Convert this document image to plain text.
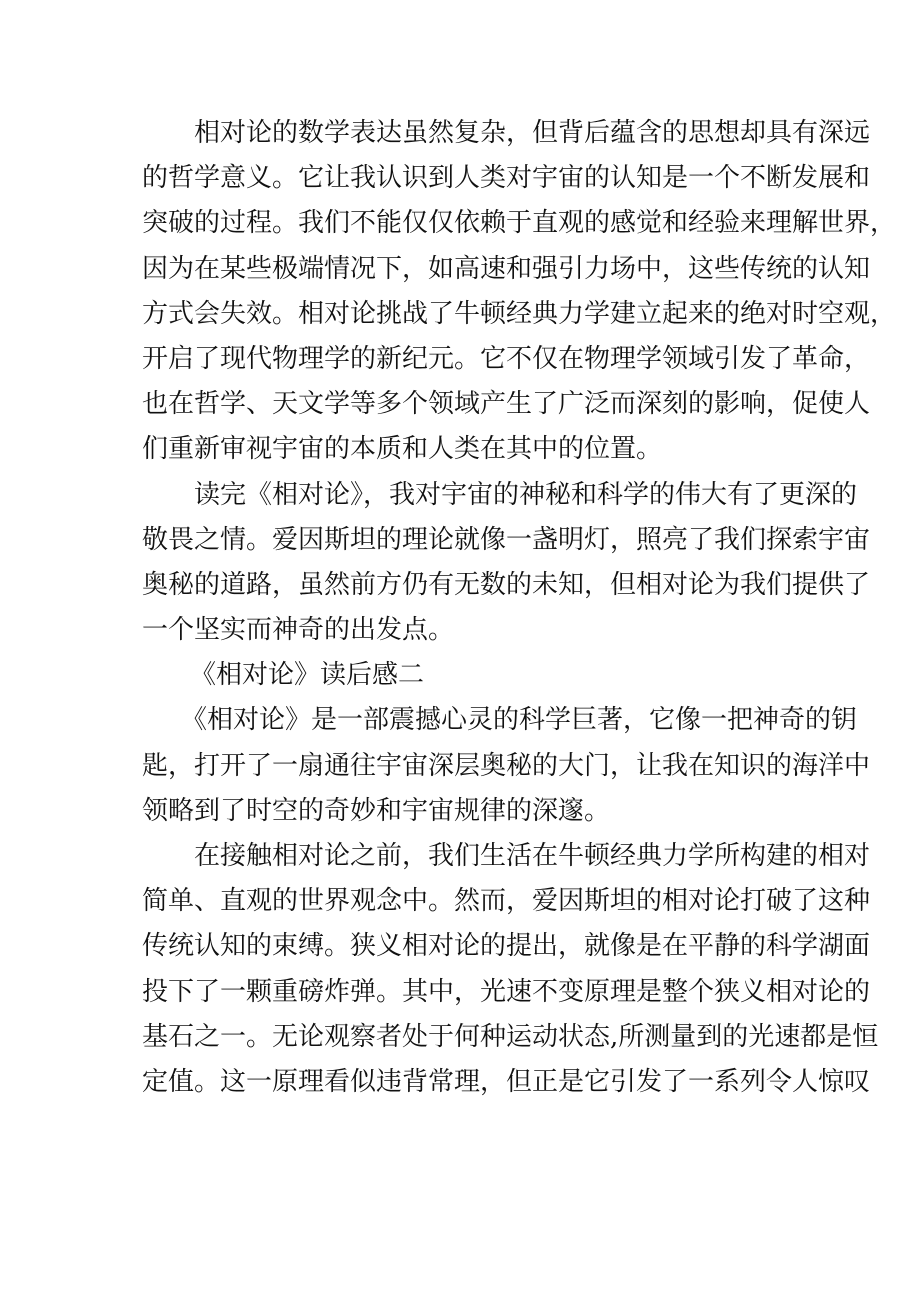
　　相对论的数学表达虽然复杂，但背后蕴含的思想却具有深远
的哲学意义。它让我认识到人类对宇宙的认知是一个不断发展和
突破的过程。我们不能仅仅依赖于直观的感觉和经验来理解世界，
因为在某些极端情况下，如高速和强引力场中，这些传统的认知
方式会失效。相对论挑战了牛顿经典力学建立起来的绝对时空观，
开启了现代物理学的新纪元。它不仅在物理学领域引发了革命，
也在哲学、天文学等多个领域产生了广泛而深刻的影响，促使人
们重新审视宇宙的本质和人类在其中的位置。
　　读完《相对论》，我对宇宙的神秘和科学的伟大有了更深的
敬畏之情。爱因斯坦的理论就像一盏明灯，照亮了我们探索宇宙
奥秘的道路，虽然前方仍有无数的未知，但相对论为我们提供了
一个坚实而神奇的出发点。
《相对论》读后感二
　　《相对论》是一部震撼心灵的科学巨著，它像一把神奇的钥
匙，打开了一扇通往宇宙深层奥秘的大门，让我在知识的海洋中
领略到了时空的奇妙和宇宙规律的深邃。
　　在接触相对论之前，我们生活在牛顿经典力学所构建的相对
简单、直观的世界观念中。然而，爱因斯坦的相对论打破了这种
传统认知的束缚。狭义相对论的提出，就像是在平静的科学湖面
投下了一颗重磅炸弹。其中，光速不变原理是整个狭义相对论的
基石之一。无论观察者处于何种运动状态,所测量到的光速都是恒
定值。这一原理看似违背常理，但正是它引发了一系列令人惊叹
